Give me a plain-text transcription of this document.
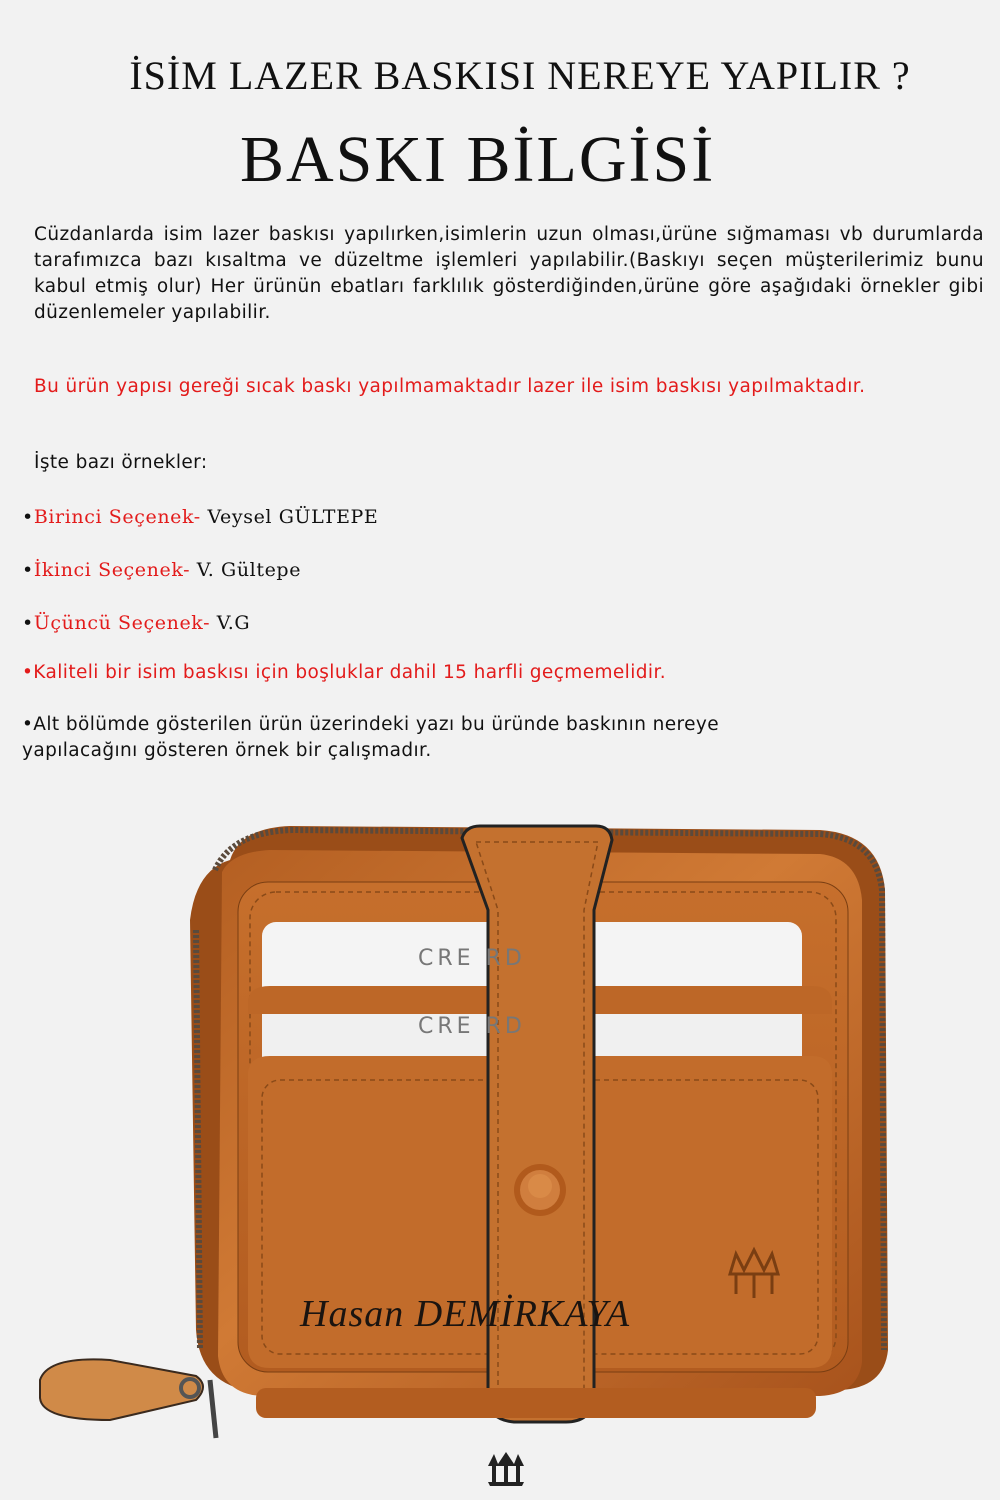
İSİM LAZER BASKISI NEREYE YAPILIR ?
BASKI BİLGİSİ
Cüzdanlarda isim lazer baskısı yapılırken,isimlerin uzun olması,ürüne sığmaması vb durumlarda tarafımızca bazı kısaltma ve düzeltme işlemleri yapılabilir.(Baskıyı seçen müşterilerimiz bunu kabul etmiş olur) Her ürünün ebatları farklılık gösterdiğinden,ürüne göre aşağıdaki örnekler gibi düzenlemeler yapılabilir.
Bu ürün yapısı gereği sıcak baskı yapılmamaktadır lazer ile isim baskısı yapılmaktadır.
İşte bazı örnekler:
•Birinci Seçenek- Veysel GÜLTEPE
•İkinci Seçenek- V. Gültepe
•Üçüncü Seçenek- V.G
•Kaliteli bir isim baskısı için boşluklar dahil 15 harfli geçmemelidir.
•Alt bölümde gösterilen ürün üzerindeki yazı bu üründe baskının nereye yapılacağını gösteren örnek bir çalışmadır.
CRE RD
CRE RD
Hasan DEMİRKAYA
